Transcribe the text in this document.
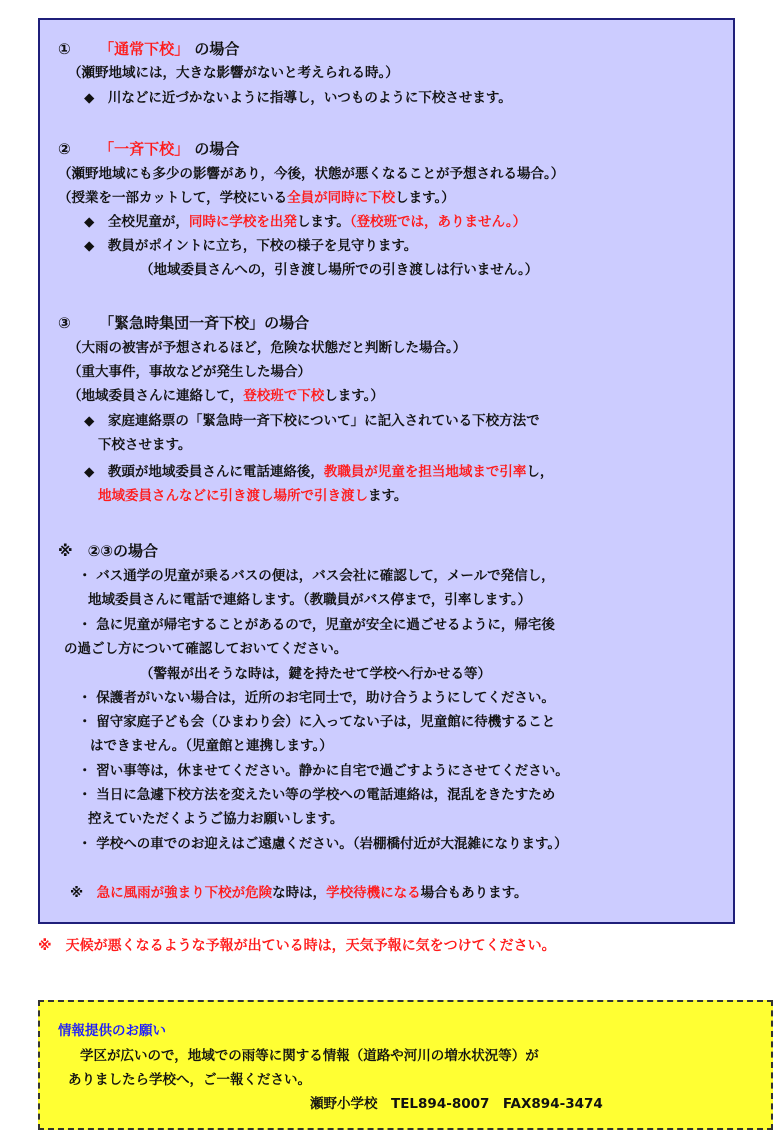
① 「通常下校」 の場合
（瀬野地域には，大きな影響がないと考えられる時。）
◆　川などに近づかないように指導し，いつものように下校させます。
② 「一斉下校」 の場合
（瀬野地域にも多少の影響があり，今後，状態が悪くなることが予想される場合。）
（授業を一部カットして，学校にいる全員が同時に下校します。）
◆　全校児童が，同時に学校を出発します。（登校班では，ありません。）
◆　教員がポイントに立ち，下校の様子を見守ります。
（地域委員さんへの，引き渡し場所での引き渡しは行いません。）
③ 「緊急時集団一斉下校」の場合
（大雨の被害が予想されるほど，危険な状態だと判断した場合。）
（重大事件，事故などが発生した場合）
（地域委員さんに連絡して，登校班で下校します。）
◆　家庭連絡票の「緊急時一斉下校について」に記入されている下校方法で
下校させます。
◆　教頭が地域委員さんに電話連絡後，教職員が児童を担当地域まで引率し，
地域委員さんなどに引き渡し場所で引き渡します。
※　②③の場合
・ バス通学の児童が乗るバスの便は，バス会社に確認して，メールで発信し，
地域委員さんに電話で連絡します。（教職員がバス停まで，引率します。）
・ 急に児童が帰宅することがあるので，児童が安全に過ごせるように，帰宅後
の過ごし方について確認しておいてください。
（警報が出そうな時は，鍵を持たせて学校へ行かせる等）
・ 保護者がいない場合は，近所のお宅同士で，助け合うようにしてください。
・ 留守家庭子ども会（ひまわり会）に入ってない子は，児童館に待機すること
はできません。（児童館と連携します。）
・ 習い事等は，休ませてください。静かに自宅で過ごすようにさせてください。
・ 当日に急遽下校方法を変えたい等の学校への電話連絡は，混乱をきたすため
控えていただくようご協力お願いします。
・ 学校への車でのお迎えはご遠慮ください。（岩棚橋付近が大混雑になります。）
※　急に風雨が強まり下校が危険な時は，学校待機になる場合もあります。
※　天候が悪くなるような予報が出ている時は，天気予報に気をつけてください。
情報提供のお願い
学区が広いので，地域での雨等に関する情報（道路や河川の増水状況等）が
ありましたら学校へ，ご一報ください。
瀬野小学校　TEL894-8007　FAX894-3474
